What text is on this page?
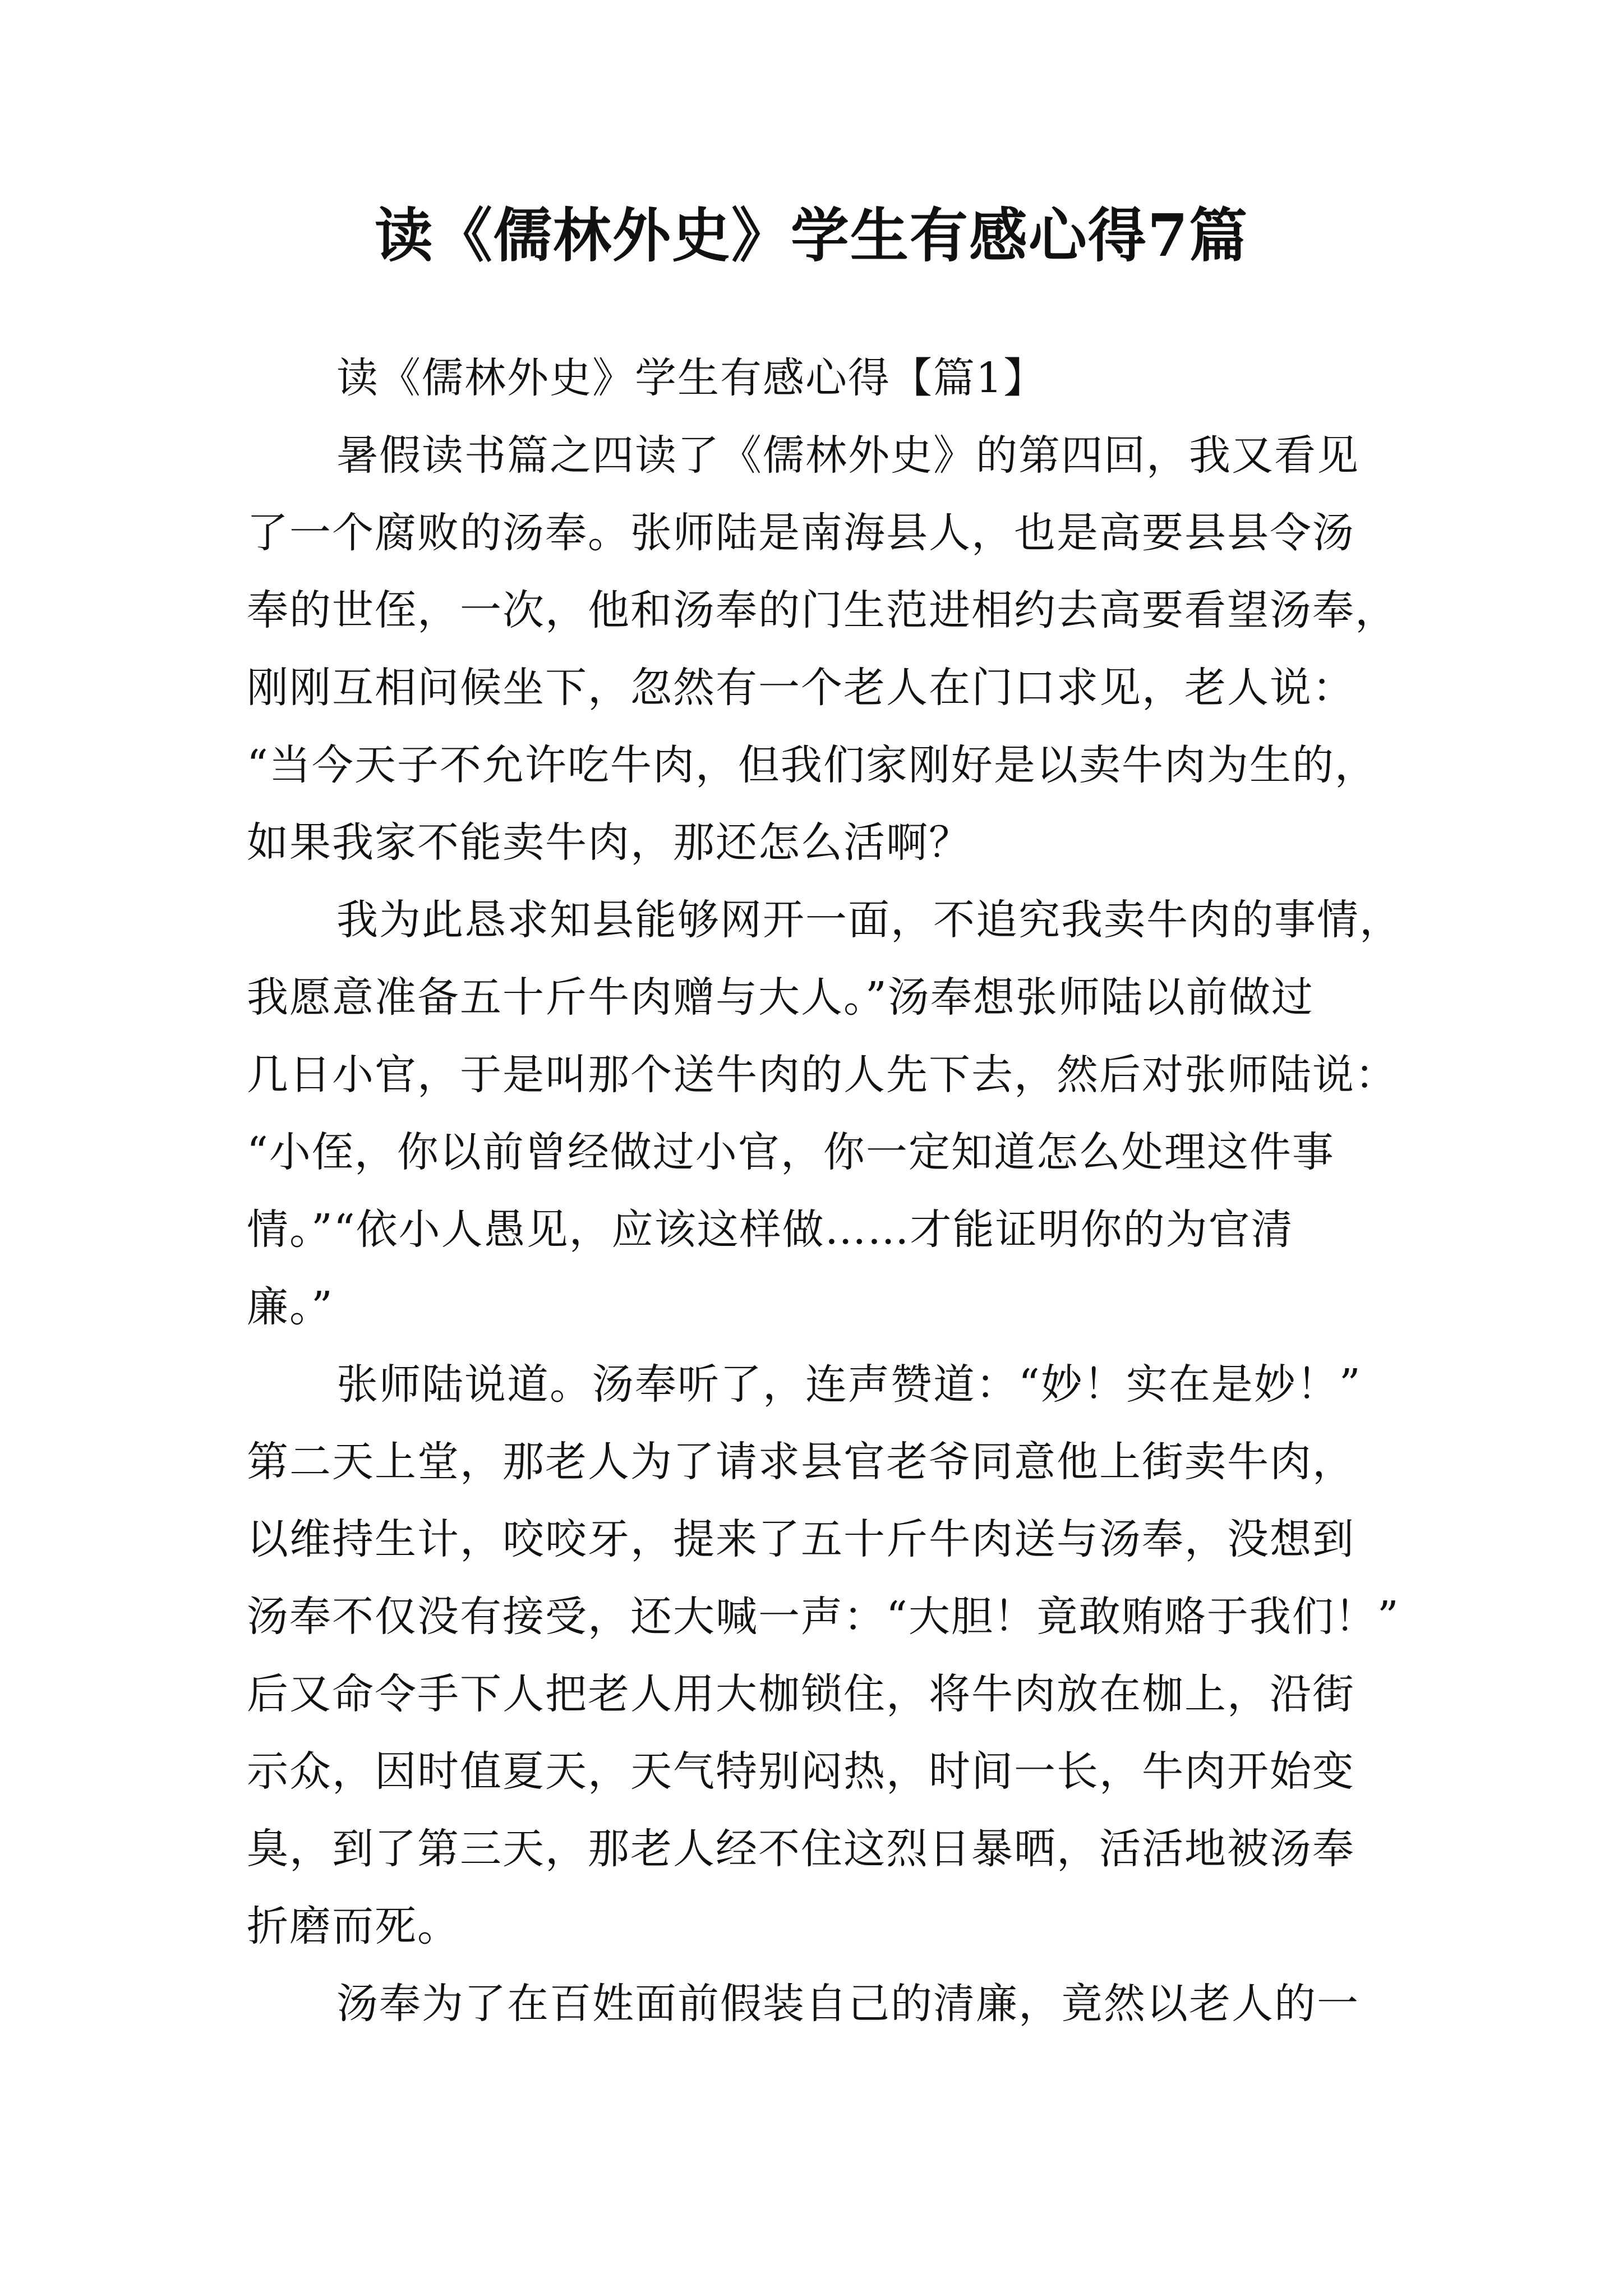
读《儒林外史》学生有感心得7篇
读《儒林外史》学生有感心得【篇1】
暑假读书篇之四读了《儒林外史》的第四回，我又看见
了一个腐败的汤奉。张师陆是南海县人，也是高要县县令汤
奉的世侄，一次，他和汤奉的门生范进相约去高要看望汤奉，
刚刚互相问候坐下，忽然有一个老人在门口求见，老人说：
“当今天子不允许吃牛肉，但我们家刚好是以卖牛肉为生的，
如果我家不能卖牛肉，那还怎么活啊？
我为此恳求知县能够网开一面，不追究我卖牛肉的事情，
我愿意准备五十斤牛肉赠与大人。”汤奉想张师陆以前做过
几日小官，于是叫那个送牛肉的人先下去，然后对张师陆说：
“小侄，你以前曾经做过小官，你一定知道怎么处理这件事
情。”“依小人愚见，应该这样做……才能证明你的为官清
廉。”
张师陆说道。汤奉听了，连声赞道：“妙！实在是妙！”
第二天上堂，那老人为了请求县官老爷同意他上街卖牛肉，
以维持生计，咬咬牙，提来了五十斤牛肉送与汤奉，没想到
汤奉不仅没有接受，还大喊一声：“大胆！竟敢贿赂于我们！”
后又命令手下人把老人用大枷锁住，将牛肉放在枷上，沿街
示众，因时值夏天，天气特别闷热，时间一长，牛肉开始变
臭，到了第三天，那老人经不住这烈日暴晒，活活地被汤奉
折磨而死。
汤奉为了在百姓面前假装自己的清廉，竟然以老人的一
